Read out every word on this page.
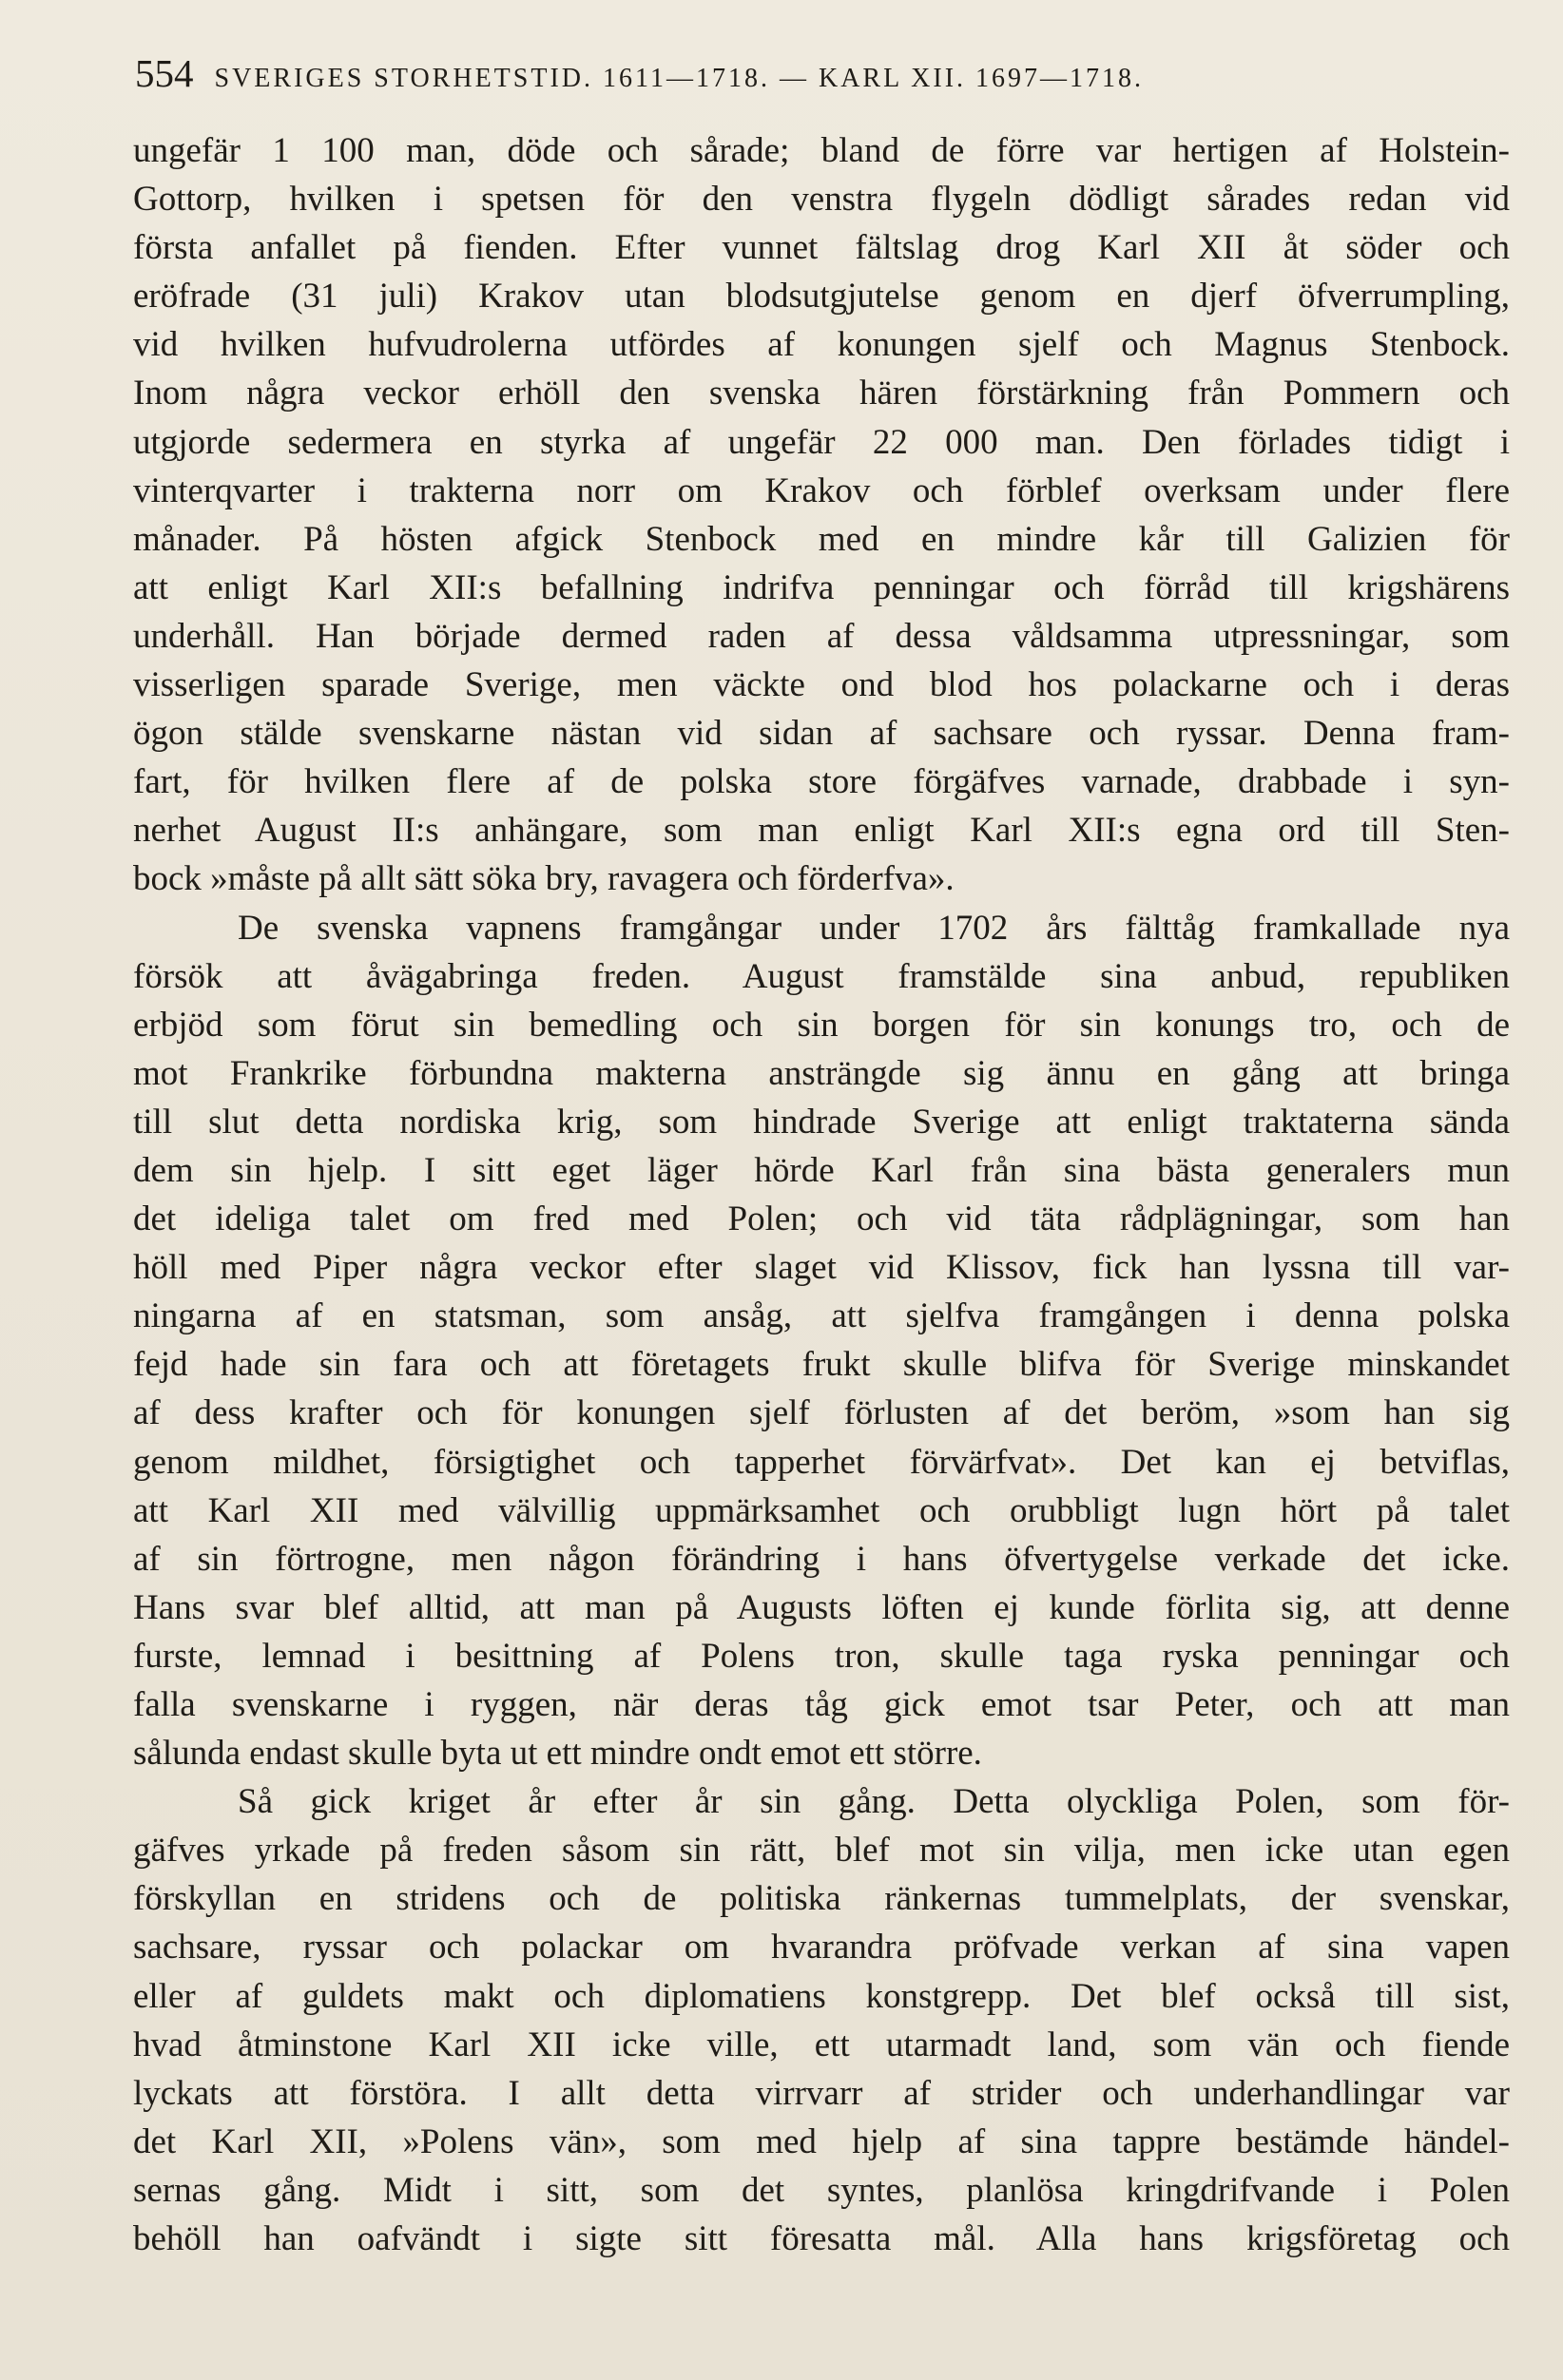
554 SVERIGES STORHETSTID. 1611—1718. — KARL XII. 1697—1718.
ungefär 1 100 man, döde och sårade; bland de förre var hertigen af Holstein-
Gottorp, hvilken i spetsen för den venstra flygeln dödligt sårades redan vid
första anfallet på fienden. Efter vunnet fältslag drog Karl XII åt söder och
eröfrade (31 juli) Krakov utan blodsutgjutelse genom en djerf öfverrumpling,
vid hvilken hufvudrolerna utfördes af konungen sjelf och Magnus Stenbock.
Inom några veckor erhöll den svenska hären förstärkning från Pommern och
utgjorde sedermera en styrka af ungefär 22 000 man. Den förlades tidigt i
vinterqvarter i trakterna norr om Krakov och förblef overksam under flere
månader. På hösten afgick Stenbock med en mindre kår till Galizien för
att enligt Karl XII:s befallning indrifva penningar och förråd till krigshärens
underhåll. Han började dermed raden af dessa våldsamma utpressningar, som
visserligen sparade Sverige, men väckte ond blod hos polackarne och i deras
ögon stälde svenskarne nästan vid sidan af sachsare och ryssar. Denna fram-
fart, för hvilken flere af de polska store förgäfves varnade, drabbade i syn-
nerhet August II:s anhängare, som man enligt Karl XII:s egna ord till Sten-
bock »måste på allt sätt söka bry, ravagera och förderfva».
De svenska vapnens framgångar under 1702 års fälttåg framkallade nya
försök att åvägabringa freden. August framstälde sina anbud, republiken
erbjöd som förut sin bemedling och sin borgen för sin konungs tro, och de
mot Frankrike förbundna makterna ansträngde sig ännu en gång att bringa
till slut detta nordiska krig, som hindrade Sverige att enligt traktaterna sända
dem sin hjelp. I sitt eget läger hörde Karl från sina bästa generalers mun
det ideliga talet om fred med Polen; och vid täta rådplägningar, som han
höll med Piper några veckor efter slaget vid Klissov, fick han lyssna till var-
ningarna af en statsman, som ansåg, att sjelfva framgången i denna polska
fejd hade sin fara och att företagets frukt skulle blifva för Sverige minskandet
af dess krafter och för konungen sjelf förlusten af det beröm, »som han sig
genom mildhet, försigtighet och tapperhet förvärfvat». Det kan ej betviflas,
att Karl XII med välvillig uppmärksamhet och orubbligt lugn hört på talet
af sin förtrogne, men någon förändring i hans öfvertygelse verkade det icke.
Hans svar blef alltid, att man på Augusts löften ej kunde förlita sig, att denne
furste, lemnad i besittning af Polens tron, skulle taga ryska penningar och
falla svenskarne i ryggen, när deras tåg gick emot tsar Peter, och att man
sålunda endast skulle byta ut ett mindre ondt emot ett större.
Så gick kriget år efter år sin gång. Detta olyckliga Polen, som för-
gäfves yrkade på freden såsom sin rätt, blef mot sin vilja, men icke utan egen
förskyllan en stridens och de politiska ränkernas tummelplats, der svenskar,
sachsare, ryssar och polackar om hvarandra pröfvade verkan af sina vapen
eller af guldets makt och diplomatiens konstgrepp. Det blef också till sist,
hvad åtminstone Karl XII icke ville, ett utarmadt land, som vän och fiende
lyckats att förstöra. I allt detta virrvarr af strider och underhandlingar var
det Karl XII, »Polens vän», som med hjelp af sina tappre bestämde händel-
sernas gång. Midt i sitt, som det syntes, planlösa kringdrifvande i Polen
behöll han oafvändt i sigte sitt föresatta mål. Alla hans krigsföretag och
